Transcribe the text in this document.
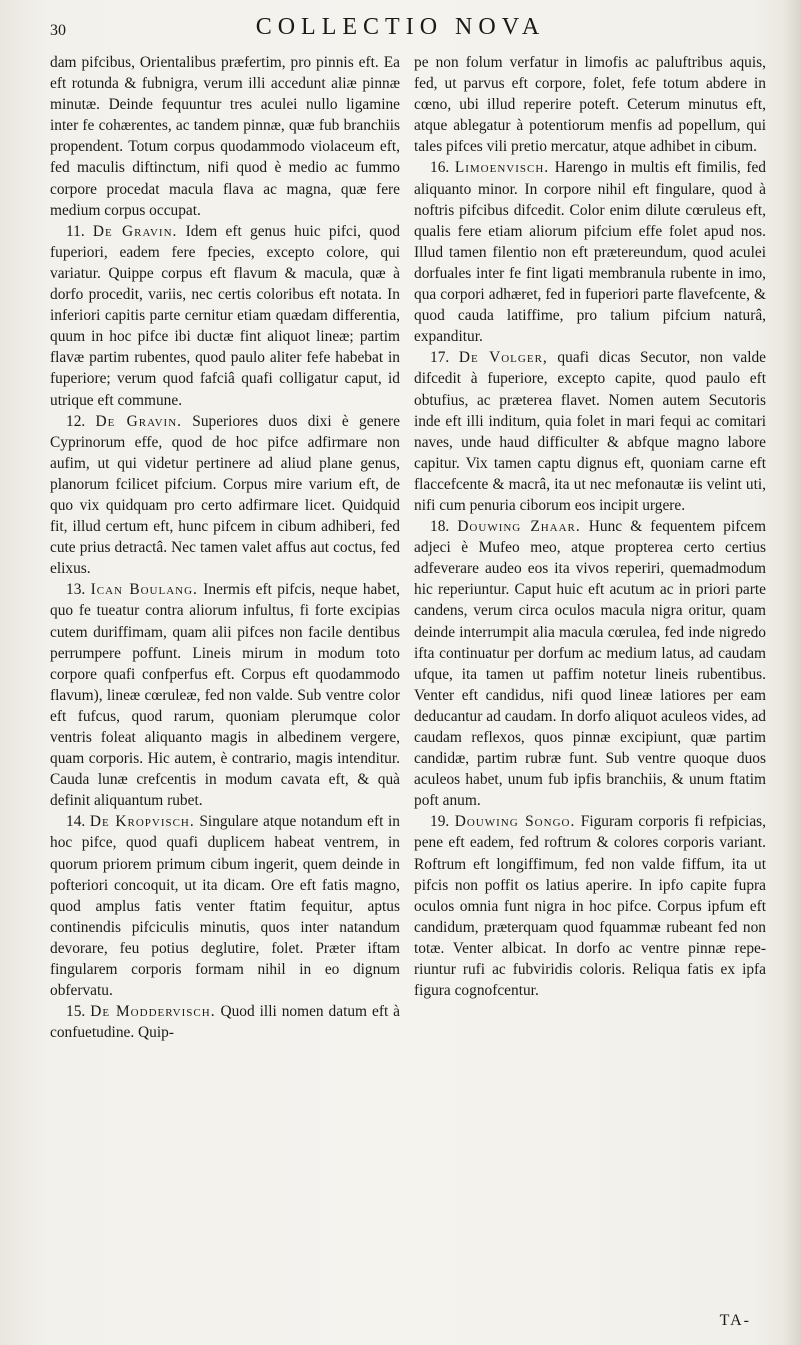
30	COLLECTIO NOVA

dam pifcibus, Orientalibus præfertim, pro pinnis eft. Ea eft rotunda & fubnigra, verum illi accedunt aliæ pinnæ minutæ. Deinde fequuntur tres aculei nullo ligamine inter fe cohærentes, ac tandem pinnæ, quæ fub branchiis propendent. Totum corpus quodammodo violaceum eft, fed maculis diftinctum, nifi quod è medio ac fummo corpore procedat macula flava ac magna, quæ fere medium corpus occupat.

11. De Gravin. Idem eft genus huic pifci, quod fuperiori, eadem fere fpecies, excepto colore, qui variatur. Quippe corpus eft flavum & macula, quæ à dorfo procedit, variis, nec certis coloribus eft notata. In inferiori capitis parte cernitur etiam quædam differentia, quum in hoc pifce ibi ductæ fint aliquot lineæ; partim flavæ partim rubentes, quod paulo aliter fefe habebat in fuperiore; verum quod fafciâ quafi colligatur caput, id utrique eft commune.

12. De Gravin. Superiores duos dixi è genere Cyprinorum effe, quod de hoc pifce adfirmare non aufim, ut qui videtur pertinere ad aliud plane genus, planorum fcilicet pifcium. Corpus mire varium eft, de quo vix quidquam pro certo adfirmare licet. Quidquid fit, illud certum eft, hunc pifcem in cibum adhiberi, fed cute prius detractâ. Nec tamen valet affus aut coctus, fed elixus.

13. Ican Boulang. Inermis eft pifcis, neque habet, quo fe tueatur contra aliorum infultus, fi forte excipias cutem duriffimam, quam alii pifces non facile dentibus perrumpere poffunt. Lineis mirum in modum toto corpore quafi confperfus eft. Corpus eft quodammodo flavum), lineæ cœruleæ, fed non valde. Sub ventre color eft fufcus, quod rarum, quoniam plerumque color ventris foleat aliquanto magis in albedinem vergere, quam corporis. Hic autem, è contrario, magis intenditur. Cauda lunæ crefcentis in modum cavata eft, & quà definit aliquantum rubet.

14. De Kropvisch. Singulare atque notandum eft in hoc pifce, quod quafi duplicem habeat ventrem, in quorum priorem primum cibum ingerit, quem deinde in pofteriori concoquit, ut ita dicam. Ore eft fatis magno, quod amplus fatis venter ftatim fequitur, aptus continendis pifciculis minutis, quos inter natandum devorare, feu potius deglutire, folet. Præter iftam fingularem corporis formam nihil in eo dignum obfervatu.

15. De Moddervisch. Quod illi nomen datum eft à confuetudine. Quip-

pe non folum verfatur in limofis ac paluftribus aquis, fed, ut parvus eft corpore, folet, fefe totum abdere in cœno, ubi illud reperire poteft. Ceterum minutus eft, atque ablegatur à potentiorum menfis ad popellum, qui tales pifces vili pretio mercatur, atque adhibet in cibum.

16. Limoenvisch. Harengo in multis eft fimilis, fed aliquanto minor. In corpore nihil eft fingulare, quod à noftris pifcibus difcedit. Color enim dilute cœruleus eft, qualis fere etiam aliorum pifcium effe folet apud nos. Illud tamen filentio non eft prætereundum, quod aculei dorfuales inter fe fint ligati membranula rubente in imo, qua corpori adhæret, fed in fuperiori parte flavefcente, & quod cauda latiffime, pro talium pifcium naturâ, expanditur.

17. De Volger, quafi dicas Secutor, non valde difcedit à fuperiore, excepto capite, quod paulo eft obtufius, ac præterea flavet. Nomen autem Secutoris inde eft illi inditum, quia folet in mari fequi ac comitari naves, unde haud difficulter & abfque magno labore capitur. Vix tamen captu dignus eft, quoniam carne eft flaccefcente & macrâ, ita ut nec mefonautæ iis velint uti, nifi cum penuria ciborum eos incipit urgere.

18. Douwing Zhaar. Hunc & fequentem pifcem adjeci è Mufeo meo, atque propterea certo certius adfeverare audeo eos ita vivos reperiri, quemadmodum hic reperiuntur. Caput huic eft acutum ac in priori parte candens, verum circa oculos macula nigra oritur, quam deinde interrumpit alia macula cœrulea, fed inde nigredo ifta continuatur per dorfum ac medium latus, ad caudam ufque, ita tamen ut paffim notetur lineis rubentibus. Venter eft candidus, nifi quod lineæ latiores per eam deducantur ad caudam. In dorfo aliquot aculeos vides, ad caudam reflexos, quos pinnæ excipiunt, quæ partim candidæ, partim rubræ funt. Sub ventre quoque duos aculeos habet, unum fub ipfis branchiis, & unum ftatim poft anum.

19. Douwing Songo. Figuram corporis fi refpicias, pene eft eadem, fed roftrum & colores corporis variant. Roftrum eft longiffimum, fed non valde fiffum, ita ut pifcis non poffit os latius aperire. In ipfo capite fupra oculos omnia funt nigra in hoc pifce. Corpus ipfum eft candidum, præterquam quod fquammæ rubeant fed non totæ. Venter albicat. In dorfo ac ventre pinnæ repe-riuntur rufi ac fubviridis coloris. Reliqua fatis ex ipfa figura cognofcentur.

TA-
